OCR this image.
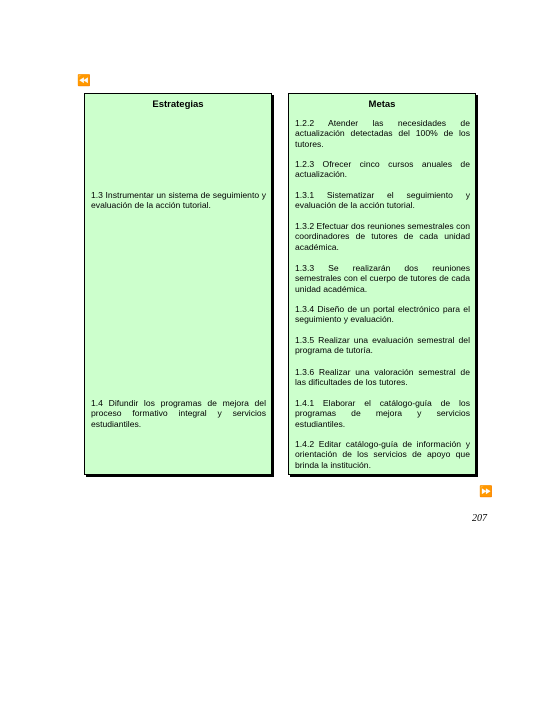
⏪
Estrategias
1.3 Instrumentar un sistema de seguimiento y evaluación de la acción tutorial.
1.4 Difundir los programas de mejora del proceso formativo integral y servicios estudiantiles.
Metas
1.2.2 Atender las necesidades de actualización detectadas del 100% de los tutores.
1.2.3 Ofrecer cinco cursos anuales de actualización.
1.3.1 Sistematizar el seguimiento y evaluación de la acción tutorial.
1.3.2 Efectuar dos reuniones semestrales con coordinadores de tutores de cada unidad académica.
1.3.3 Se realizarán dos reuniones semestrales con el cuerpo de tutores de cada unidad académica.
1.3.4 Diseño de un portal electrónico para el seguimiento y evaluación.
1.3.5 Realizar una evaluación semestral del programa de tutoría.
1.3.6 Realizar una valoración semestral de las dificultades de los tutores.
1.4.1 Elaborar el catálogo-guía de los programas de mejora y servicios estudiantiles.
1.4.2 Editar catálogo-guía de información y orientación de los servicios de apoyo que brinda la institución.
⏩
207
